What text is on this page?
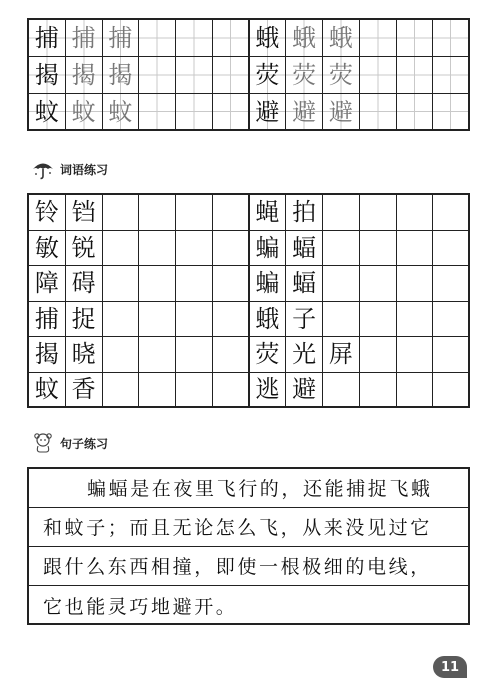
捕 捕 捕	蛾 蛾 蛾
揭 揭 揭	荧 荧 荧
蚊 蚊 蚊	避 避 避
词语练习
铃 铛	蝇 拍
敏 锐	蝙 蝠
障 碍	蝙 蝠
捕 捉	蛾 子
揭 晓	荧 光 屏
蚊 香	逃 避
句子练习
蝙蝠是在夜里飞行的，还能捕捉飞蛾
和蚊子；而且无论怎么飞，从来没见过它
跟什么东西相撞，即使一根极细的电线，
它也能灵巧地避开。
11
